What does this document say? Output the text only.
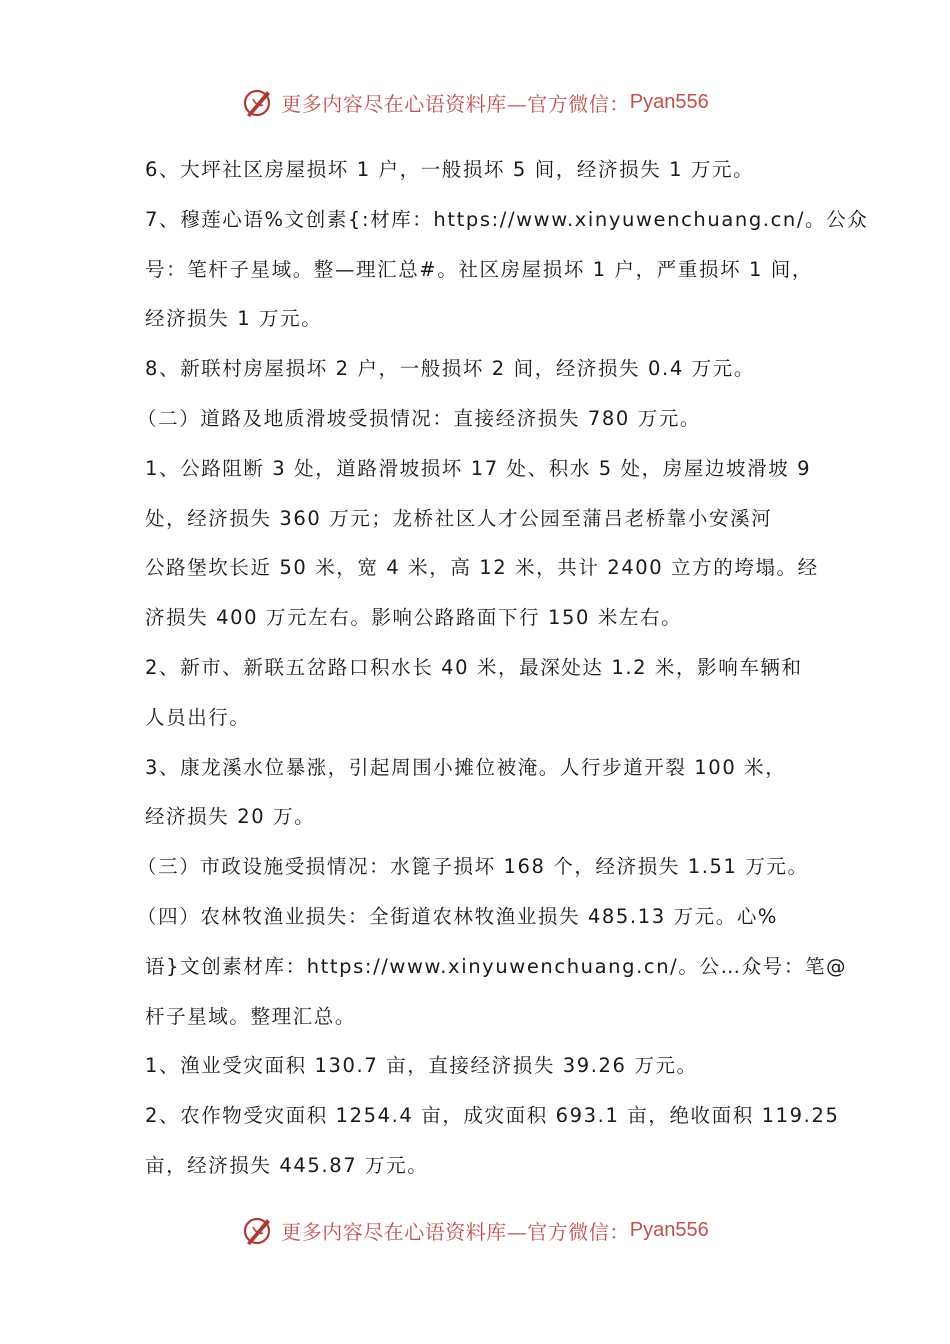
更多内容尽在心语资料库—官方微信： Pyan556
6、大坪社区房屋损坏 1 户，一般损坏 5 间，经济损失 1 万元。
7、穆莲心语%文创素{:材库：https://www.xinyuwenchuang.cn/。公众
号：笔杆子星域。整—理汇总#。社区房屋损坏 1 户，严重损坏 1 间，
经济损失 1 万元。
8、新联村房屋损坏 2 户，一般损坏 2 间，经济损失 0.4 万元。
（二）道路及地质滑坡受损情况：直接经济损失 780 万元。
1、公路阻断 3 处，道路滑坡损坏 17 处、积水 5 处，房屋边坡滑坡 9
处，经济损失 360 万元；龙桥社区人才公园至蒲吕老桥靠小安溪河
公路堡坎长近 50 米，宽 4 米，高 12 米，共计 2400 立方的垮塌。经
济损失 400 万元左右。影响公路路面下行 150 米左右。
2、新市、新联五岔路口积水长 40 米，最深处达 1.2 米，影响车辆和
人员出行。
3、康龙溪水位暴涨，引起周围小摊位被淹。人行步道开裂 100 米，
经济损失 20 万。
（三）市政设施受损情况：水篦子损坏 168 个，经济损失 1.51 万元。
（四）农林牧渔业损失：全街道农林牧渔业损失 485.13 万元。心%
语}文创素材库：https://www.xinyuwenchuang.cn/。公…众号：笔@
杆子星域。整理汇总。
1、渔业受灾面积 130.7 亩，直接经济损失 39.26 万元。
2、农作物受灾面积 1254.4 亩，成灾面积 693.1 亩，绝收面积 119.25
亩，经济损失 445.87 万元。
更多内容尽在心语资料库—官方微信： Pyan556
